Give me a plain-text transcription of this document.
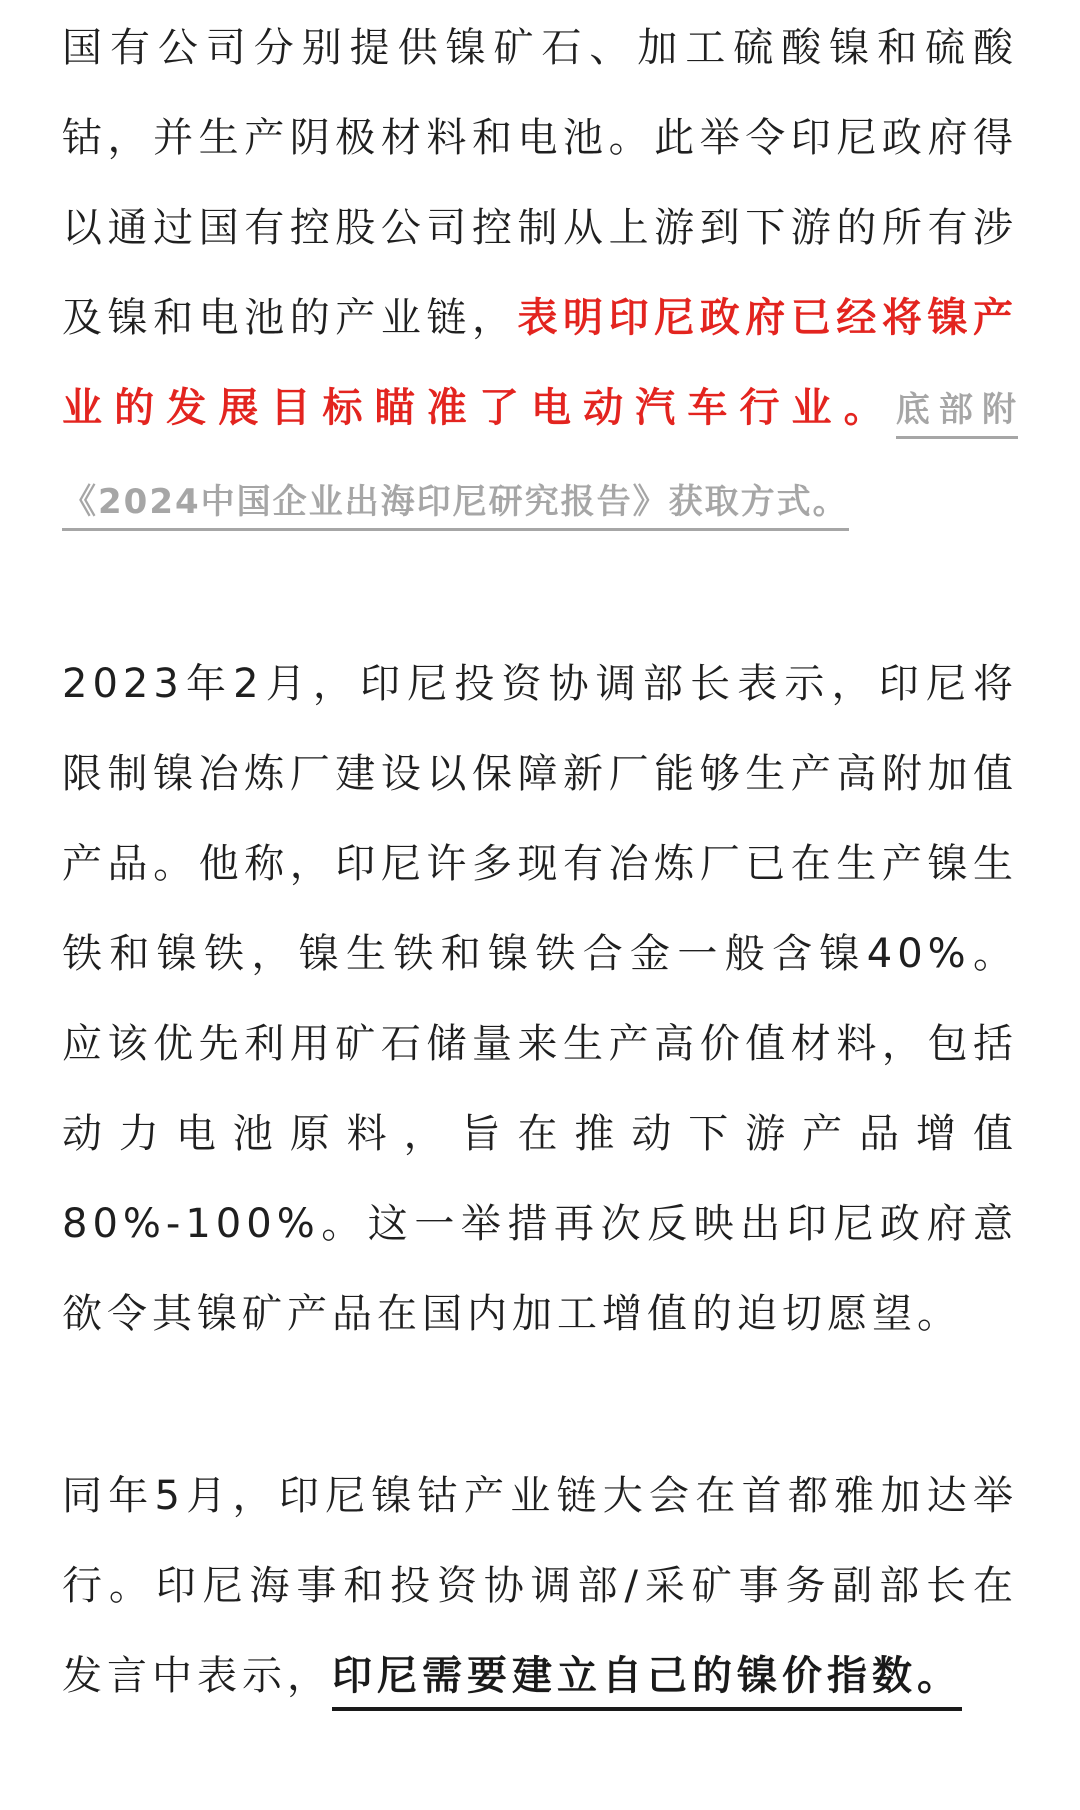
国有公司分别提供镍矿石、加工硫酸镍和硫酸钴，并生产阴极材料和电池。此举令印尼政府得以通过国有控股公司控制从上游到下游的所有涉及镍和电池的产业链，表明印尼政府已经将镍产业的发展目标瞄准了电动汽车行业。底部附《2024中国企业出海印尼研究报告》获取方式。

2023年2月，印尼投资协调部长表示，印尼将限制镍冶炼厂建设以保障新厂能够生产高附加值产品。他称，印尼许多现有冶炼厂已在生产镍生铁和镍铁，镍生铁和镍铁合金一般含镍40%。应该优先利用矿石储量来生产高价值材料，包括动力电池原料，旨在推动下游产品增值80%-100%。这一举措再次反映出印尼政府意欲令其镍矿产品在国内加工增值的迫切愿望。

同年5月，印尼镍钴产业链大会在首都雅加达举行。印尼海事和投资协调部/采矿事务副部长在发言中表示，印尼需要建立自己的镍价指数。
